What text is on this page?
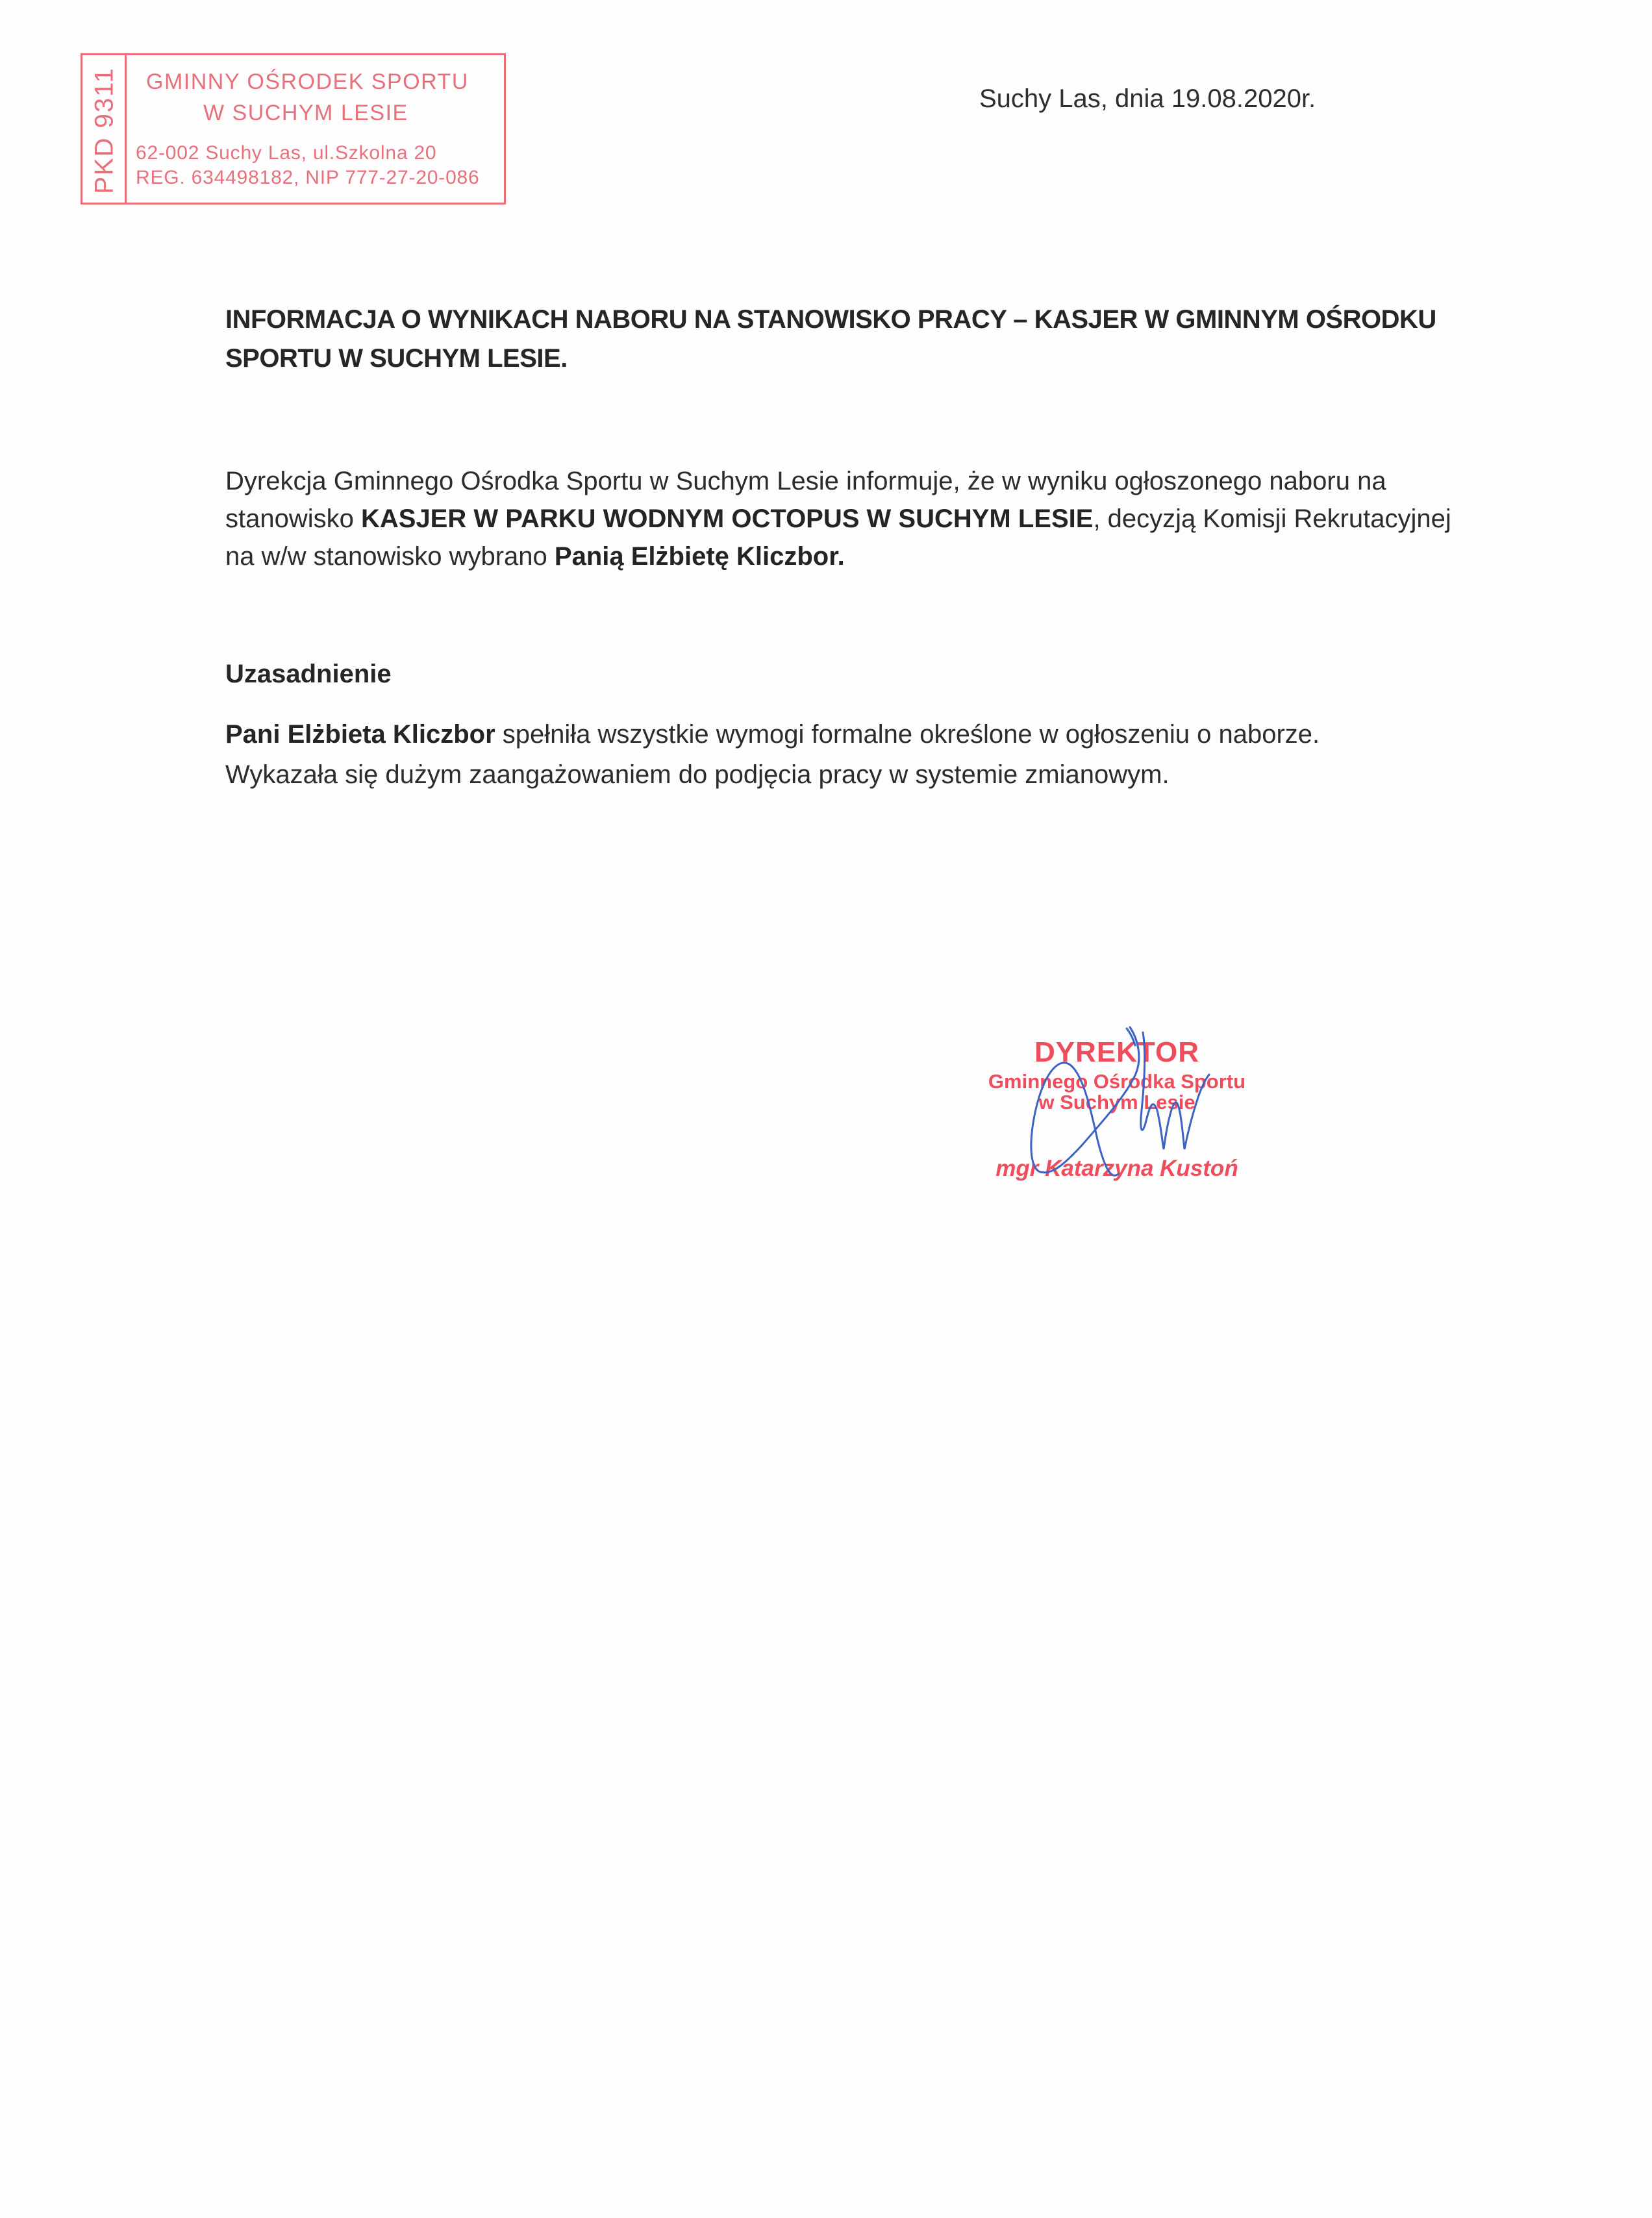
PKD 9311 GMINNY OŚRODEK SPORTU
W SUCHYM LESIE
62-002 Suchy Las, ul.Szkolna 20
REG. 634498182, NIP 777-27-20-086
Suchy Las, dnia 19.08.2020r.
INFORMACJA O WYNIKACH NABORU NA STANOWISKO PRACY – KASJER W GMINNYM OŚRODKU
SPORTU W SUCHYM LESIE.
Dyrekcja Gminnego Ośrodka Sportu w Suchym Lesie informuje, że w wyniku ogłoszonego naboru na
stanowisko KASJER W PARKU WODNYM OCTOPUS W SUCHYM LESIE, decyzją Komisji Rekrutacyjnej
na w/w stanowisko wybrano Panią Elżbietę Kliczbor.
Uzasadnienie
Pani Elżbieta Kliczbor spełniła wszystkie wymogi formalne określone w ogłoszeniu o naborze.
Wykazała się dużym zaangażowaniem do podjęcia pracy w systemie zmianowym.
DYREKTOR
Gminnego Ośrodka Sportu
w Suchym Lesie
mgr Katarzyna Kustoń
